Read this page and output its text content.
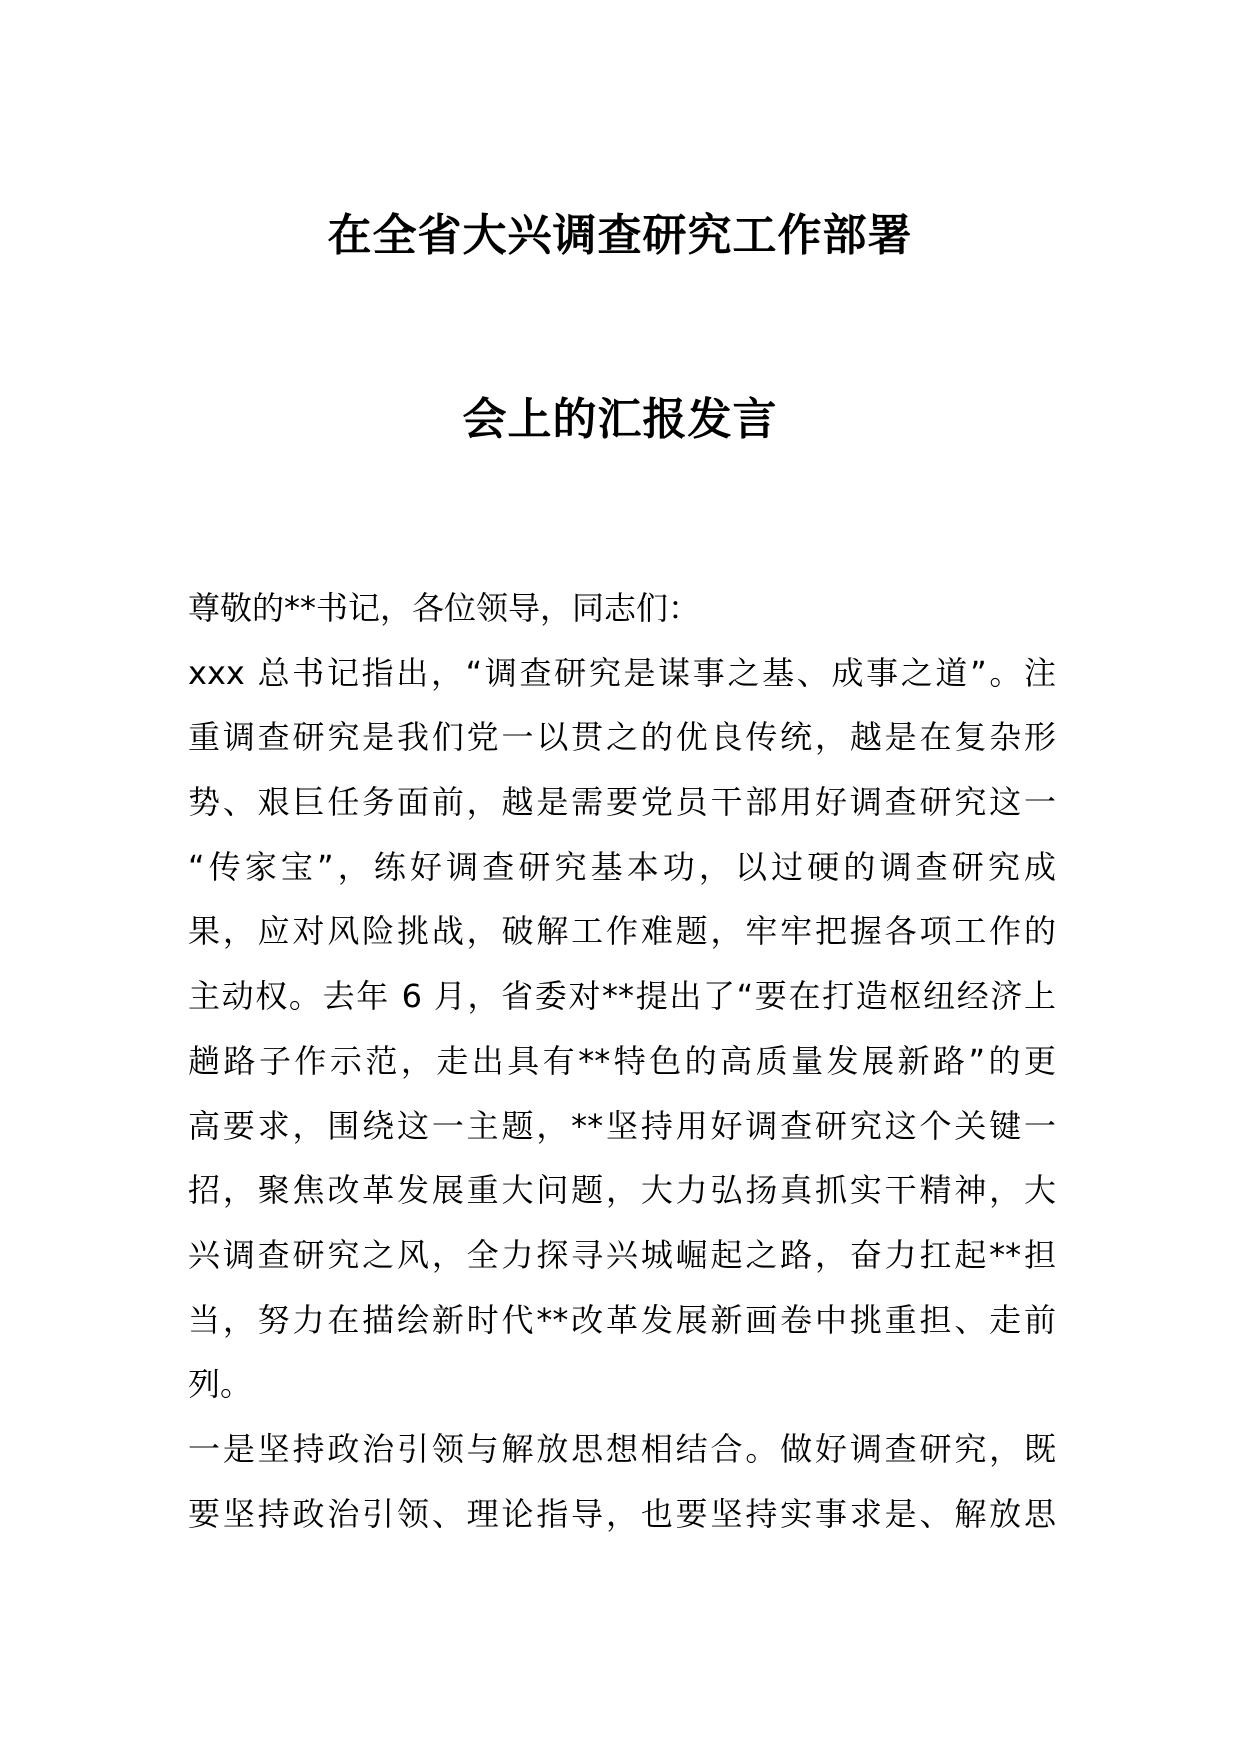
在全省大兴调查研究工作部署
会上的汇报发言
尊敬的**书记，各位领导，同志们：
xxx 总书记指出，“调查研究是谋事之基、成事之道”。注
重调查研究是我们党一以贯之的优良传统，越是在复杂形
势、艰巨任务面前，越是需要党员干部用好调查研究这一
“传家宝”，练好调查研究基本功，以过硬的调查研究成
果，应对风险挑战，破解工作难题，牢牢把握各项工作的
主动权。去年 6 月，省委对**提出了“要在打造枢纽经济上
趟路子作示范，走出具有**特色的高质量发展新路”的更
高要求，围绕这一主题，**坚持用好调查研究这个关键一
招，聚焦改革发展重大问题，大力弘扬真抓实干精神，大
兴调查研究之风，全力探寻兴城崛起之路，奋力扛起**担
当，努力在描绘新时代**改革发展新画卷中挑重担、走前
列。
一是坚持政治引领与解放思想相结合。做好调查研究，既
要坚持政治引领、理论指导，也要坚持实事求是、解放思
